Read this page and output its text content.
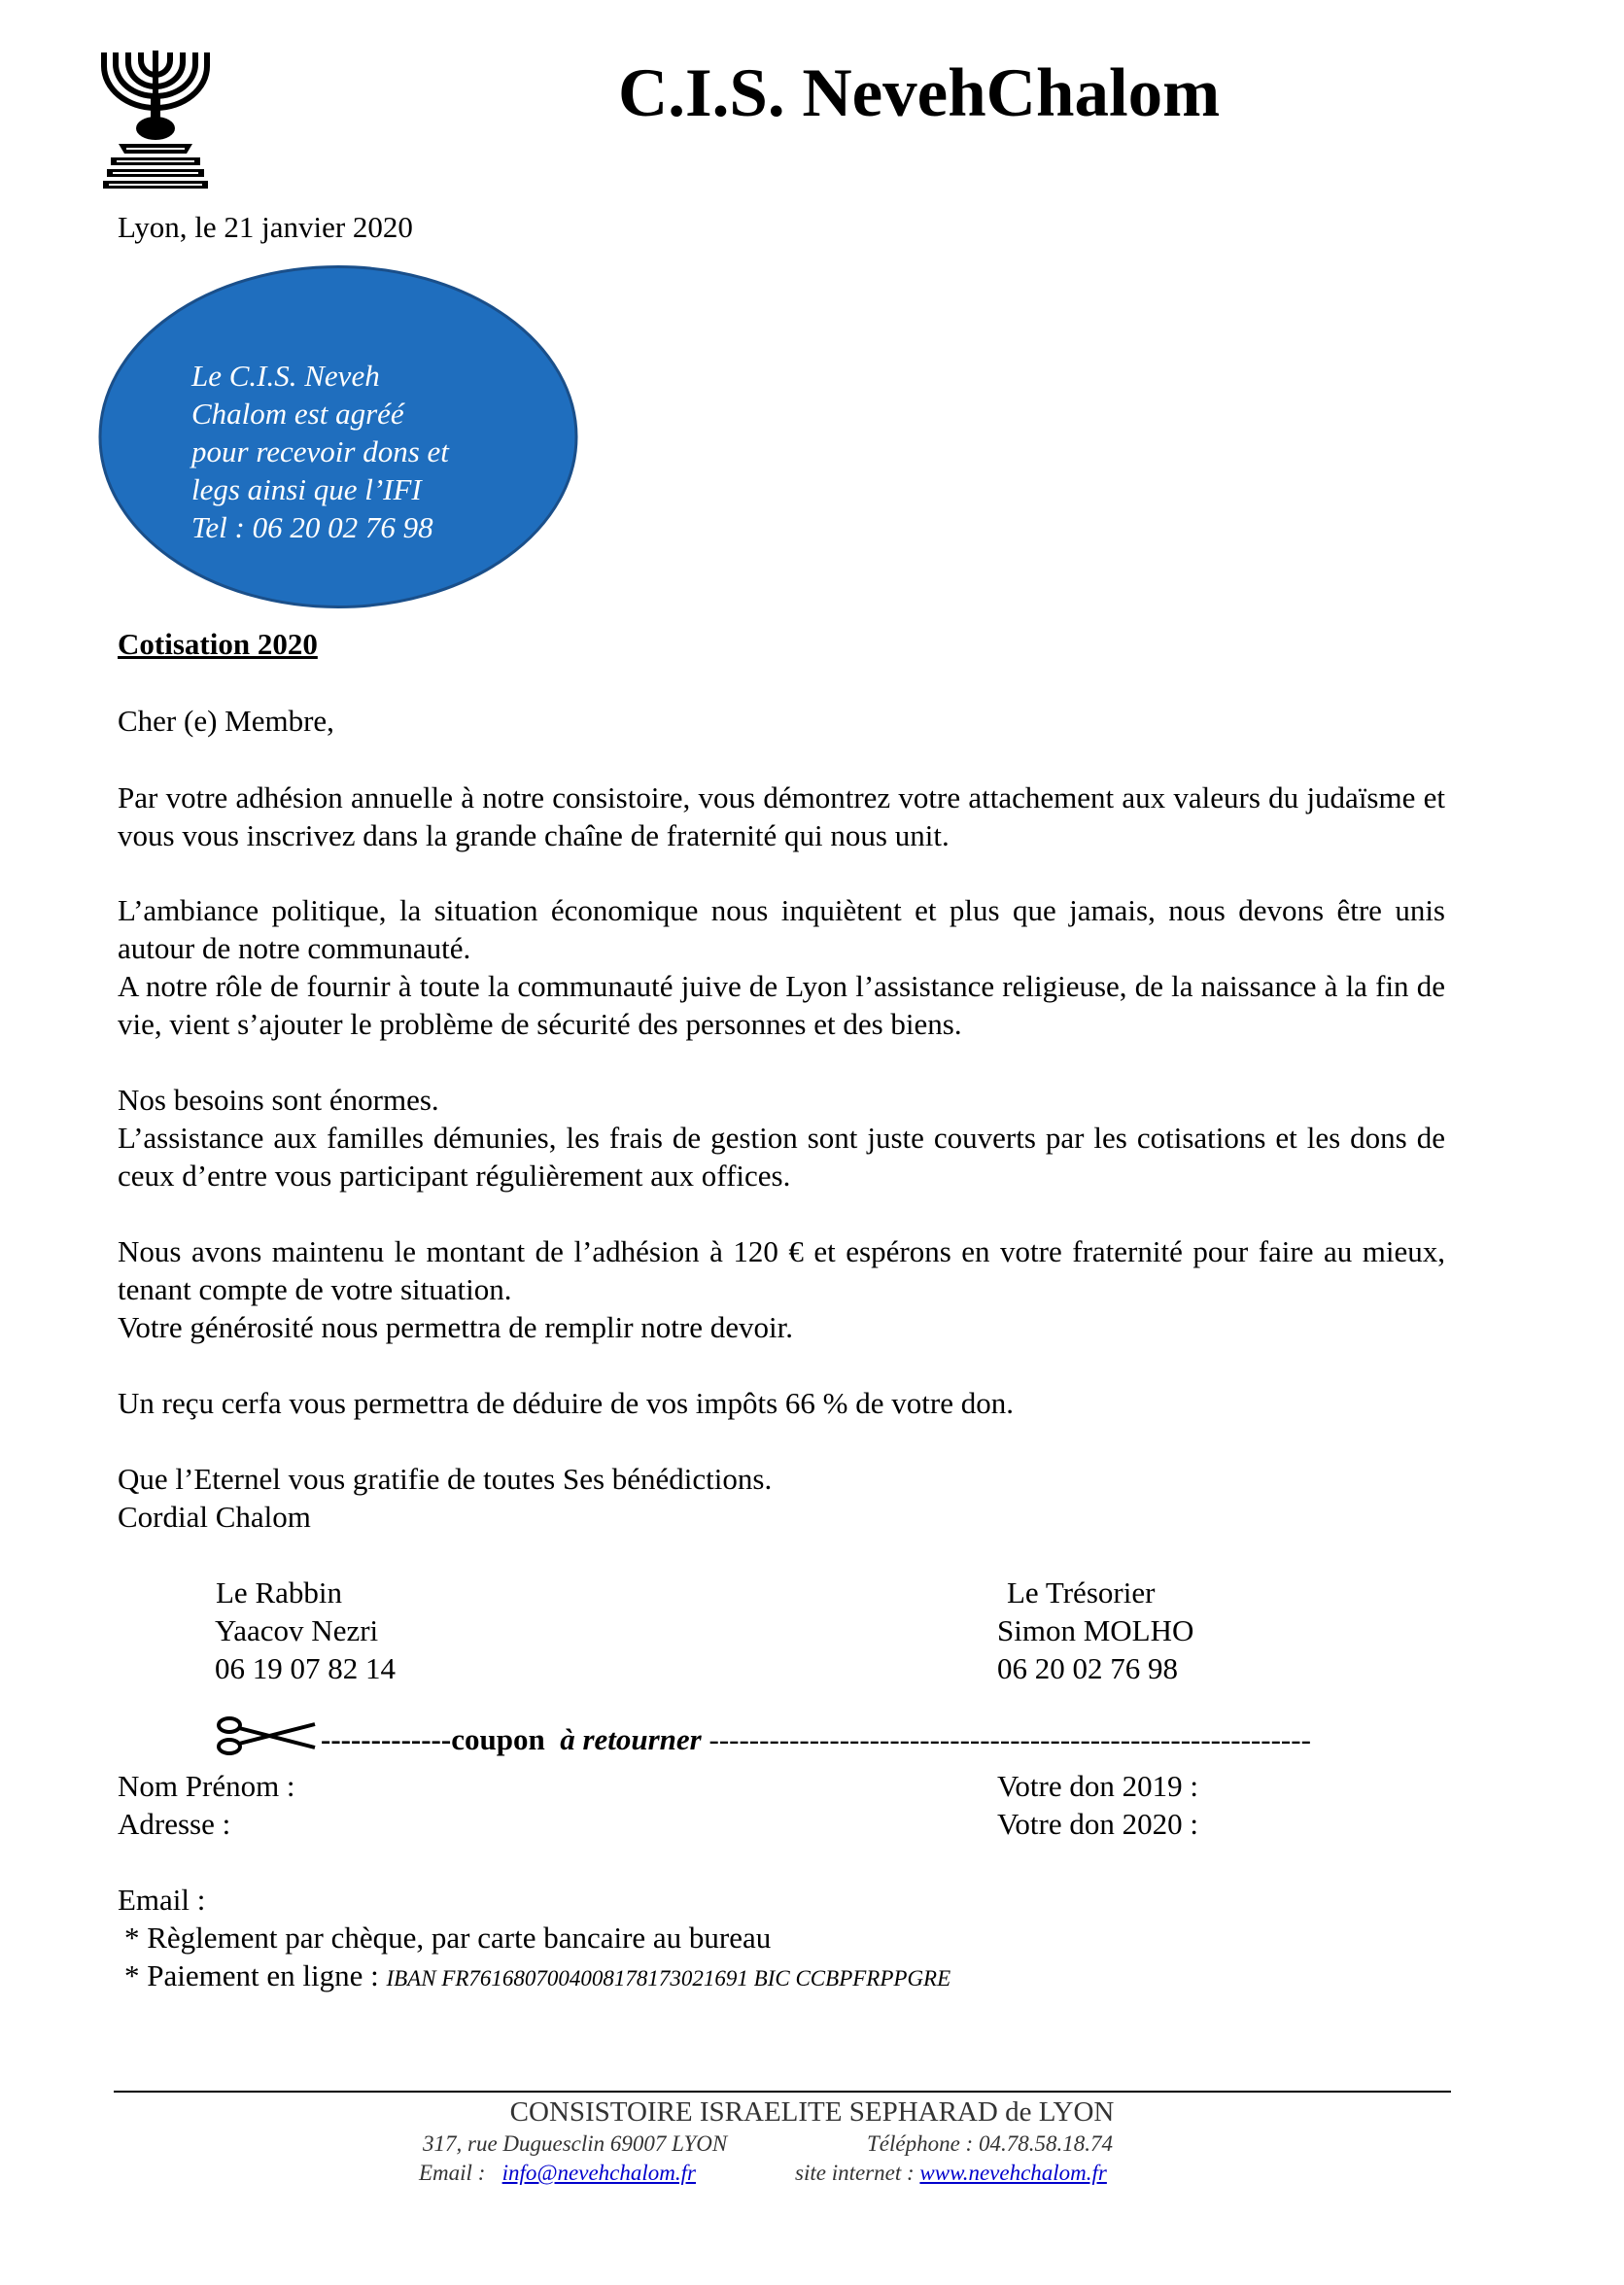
C.I.S. NevehChalom
Lyon, le 21 janvier 2020
Le C.I.S. Neveh
Chalom est agréé
pour recevoir dons et
legs ainsi que l’IFI
Tel : 06 20 02 76 98
Cotisation 2020
Cher (e) Membre,

Par votre adhésion annuelle à notre consistoire, vous démontrez votre attachement aux valeurs du judaïsme et vous vous inscrivez dans la grande chaîne de fraternité qui nous unit.

L’ambiance politique, la situation économique nous inquiètent et plus que jamais, nous devons être unis autour de notre communauté.

A notre rôle de fournir à toute la communauté juive de Lyon l’assistance religieuse, de la naissance à la fin de vie, vient s’ajouter le problème de sécurité des personnes et des biens.

Nos besoins sont énormes.

L’assistance aux familles démunies, les frais de gestion sont juste couverts par les cotisations et les dons de ceux d’entre vous participant régulièrement aux offices.

Nous avons maintenu le montant de l’adhésion à 120 € et espérons en votre fraternité pour faire au mieux, tenant compte de votre situation.

Votre générosité nous permettra de remplir notre devoir.

Un reçu cerfa vous permettra de déduire de vos impôts 66 % de votre don.

Que l’Eternel vous gratifie de toutes Ses bénédictions.

Cordial Chalom

Le Rabbin
Yaacov Nezri
06 19 07 82 14
Le Trésorier
Simon MOLHO
06 20 02 76 98
-------------coupon à retourner ------------------------------------------------------------
Nom Prénom :
Adresse :
Votre don 2019 :
Votre don 2020 :
Email :
* Règlement par chèque, par carte bancaire au bureau
* Paiement en ligne : IBAN FR7616807004008178173021691 BIC CCBPFRPPGRE
CONSISTOIRE ISRAELITE SEPHARAD de LYON
317, rue Duguesclin 69007 LYON	Téléphone : 04.78.58.18.74
Email : info@nevehchalom.fr	site internet : www.nevehchalom.fr
